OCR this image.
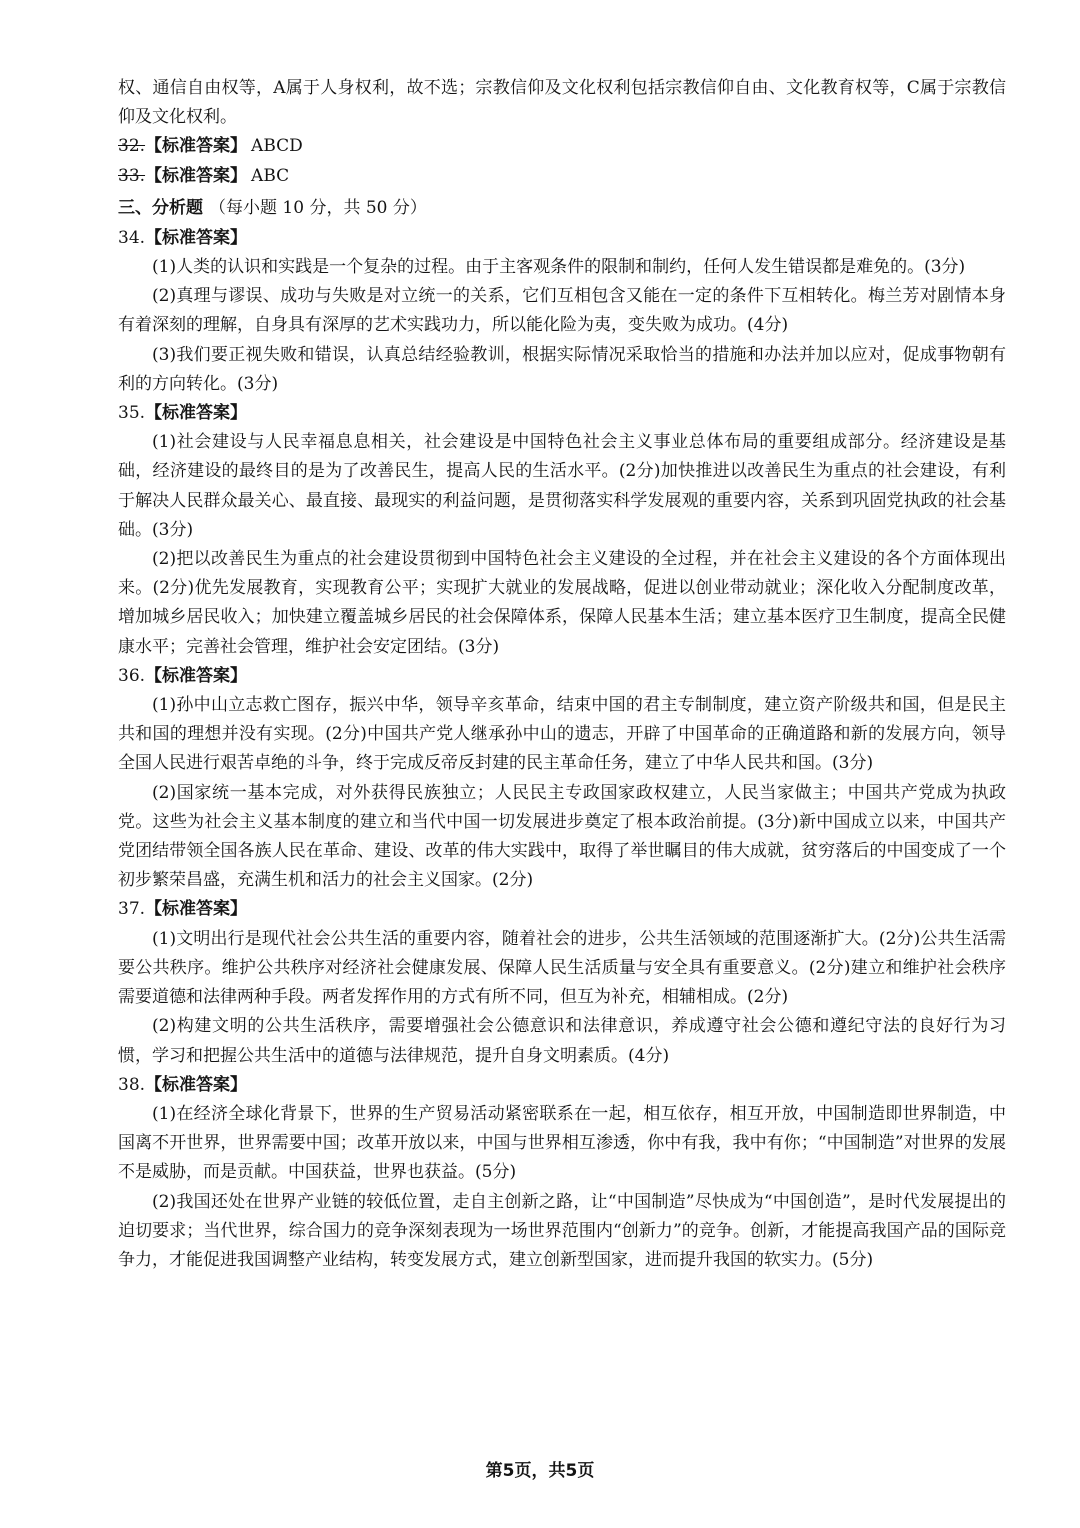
权、通信自由权等，A属于人身权利，故不选；宗教信仰及文化权利包括宗教信仰自由、文化教育权等，C属于宗教信仰及文化权利。

32.【标准答案】 ABCD

33.【标准答案】 ABC

三、分析题 （每小题 10 分，共 50 分）

34.【标准答案】

(1)人类的认识和实践是一个复杂的过程。由于主客观条件的限制和制约，任何人发生错误都是难免的。(3分)

(2)真理与谬误、成功与失败是对立统一的关系，它们互相包含又能在一定的条件下互相转化。梅兰芳对剧情本身有着深刻的理解，自身具有深厚的艺术实践功力，所以能化险为夷，变失败为成功。(4分)

(3)我们要正视失败和错误，认真总结经验教训，根据实际情况采取恰当的措施和办法并加以应对，促成事物朝有利的方向转化。(3分)

35.【标准答案】

(1)社会建设与人民幸福息息相关，社会建设是中国特色社会主义事业总体布局的重要组成部分。经济建设是基础，经济建设的最终目的是为了改善民生，提高人民的生活水平。(2分)加快推进以改善民生为重点的社会建设，有利于解决人民群众最关心、最直接、最现实的利益问题，是贯彻落实科学发展观的重要内容，关系到巩固党执政的社会基础。(3分)

(2)把以改善民生为重点的社会建设贯彻到中国特色社会主义建设的全过程，并在社会主义建设的各个方面体现出来。(2分)优先发展教育，实现教育公平；实现扩大就业的发展战略，促进以创业带动就业；深化收入分配制度改革，增加城乡居民收入；加快建立覆盖城乡居民的社会保障体系，保障人民基本生活；建立基本医疗卫生制度，提高全民健康水平；完善社会管理，维护社会安定团结。(3分)

36.【标准答案】

(1)孙中山立志救亡图存，振兴中华，领导辛亥革命，结束中国的君主专制制度，建立资产阶级共和国，但是民主共和国的理想并没有实现。(2分)中国共产党人继承孙中山的遗志，开辟了中国革命的正确道路和新的发展方向，领导全国人民进行艰苦卓绝的斗争，终于完成反帝反封建的民主革命任务，建立了中华人民共和国。(3分)

(2)国家统一基本完成，对外获得民族独立；人民民主专政国家政权建立，人民当家做主；中国共产党成为执政党。这些为社会主义基本制度的建立和当代中国一切发展进步奠定了根本政治前提。(3分)新中国成立以来，中国共产党团结带领全国各族人民在革命、建设、改革的伟大实践中，取得了举世瞩目的伟大成就，贫穷落后的中国变成了一个初步繁荣昌盛，充满生机和活力的社会主义国家。(2分)

37.【标准答案】

(1)文明出行是现代社会公共生活的重要内容，随着社会的进步，公共生活领域的范围逐渐扩大。(2分)公共生活需要公共秩序。维护公共秩序对经济社会健康发展、保障人民生活质量与安全具有重要意义。(2分)建立和维护社会秩序需要道德和法律两种手段。两者发挥作用的方式有所不同，但互为补充，相辅相成。(2分)

(2)构建文明的公共生活秩序，需要增强社会公德意识和法律意识，养成遵守社会公德和遵纪守法的良好行为习惯，学习和把握公共生活中的道德与法律规范，提升自身文明素质。(4分)

38.【标准答案】

(1)在经济全球化背景下，世界的生产贸易活动紧密联系在一起，相互依存，相互开放，中国制造即世界制造，中国离不开世界，世界需要中国；改革开放以来，中国与世界相互渗透，你中有我，我中有你；“中国制造”对世界的发展不是威胁，而是贡献。中国获益，世界也获益。(5分)

(2)我国还处在世界产业链的较低位置，走自主创新之路，让“中国制造”尽快成为“中国创造”，是时代发展提出的迫切要求；当代世界，综合国力的竞争深刻表现为一场世界范围内“创新力”的竞争。创新，才能提高我国产品的国际竞争力，才能促进我国调整产业结构，转变发展方式，建立创新型国家，进而提升我国的软实力。(5分)

第5页，共5页
